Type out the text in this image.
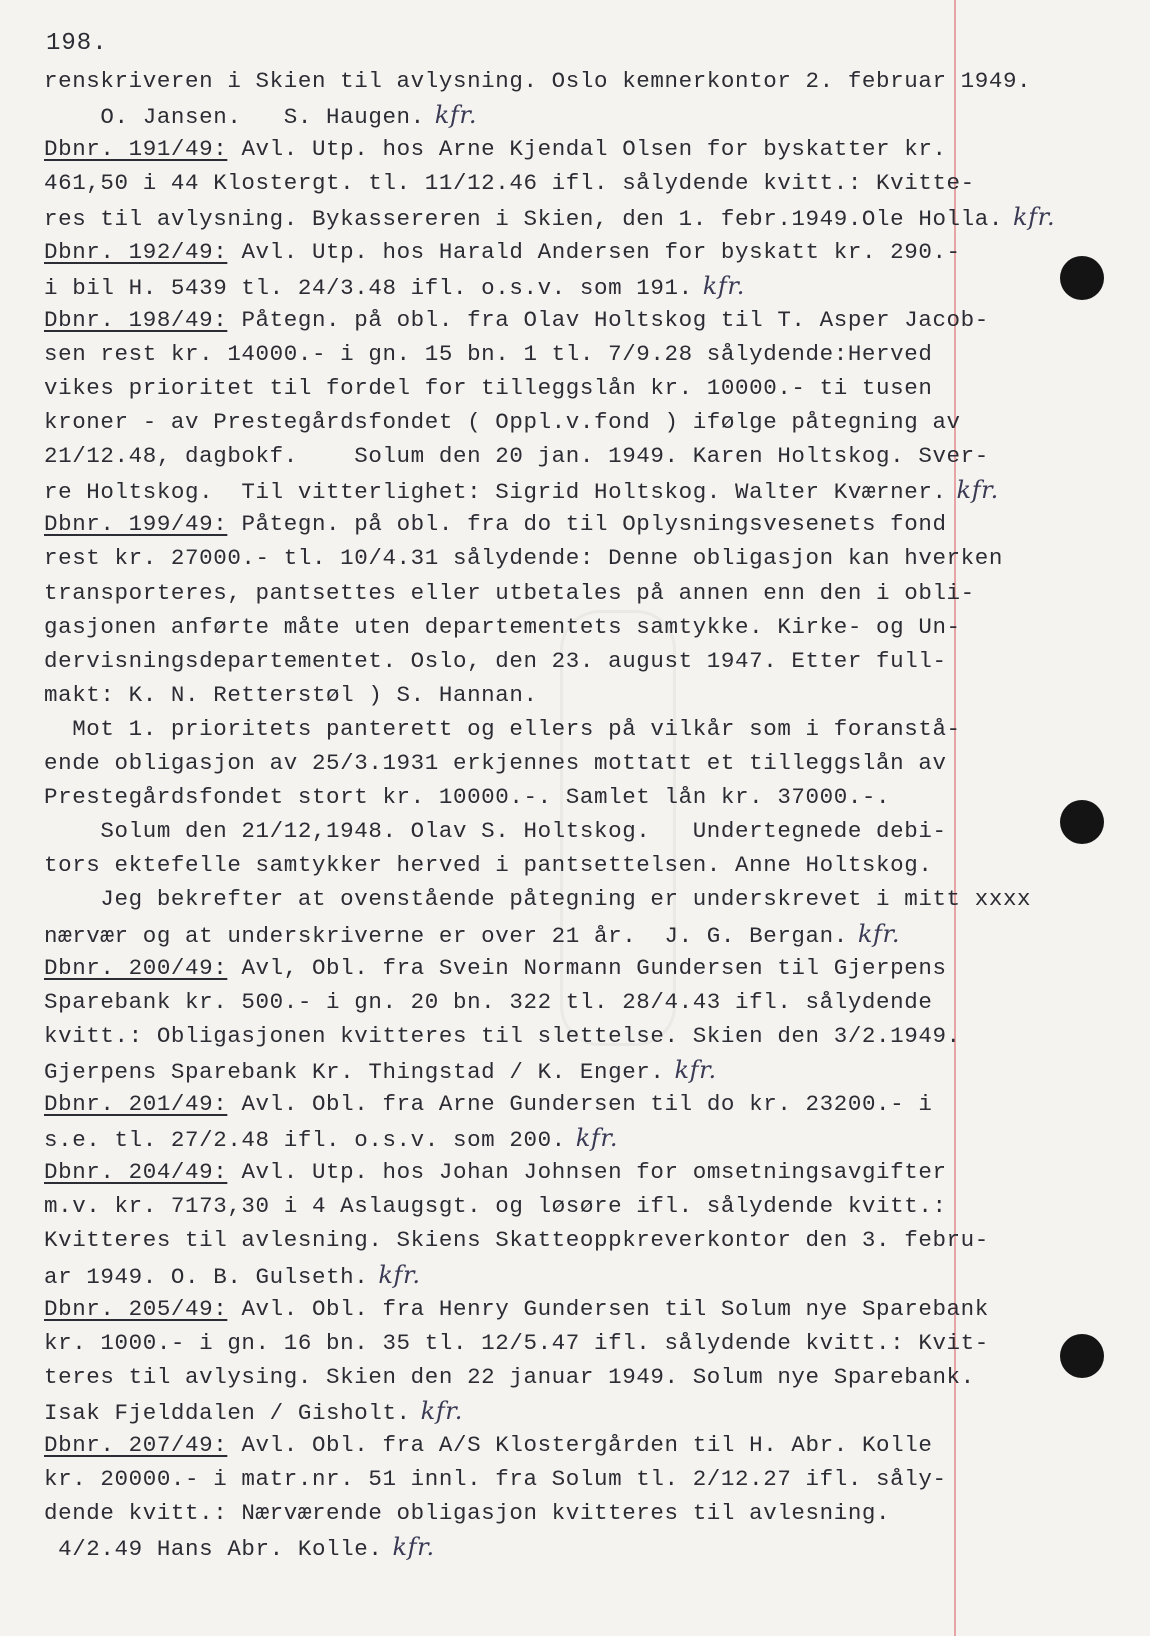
198.
renskriveren i Skien til avlysning. Oslo kemnerkontor 2. februar 1949.
O. Jansen.   S. Haugen. kfr.
Dbnr. 191/49: Avl. Utp. hos Arne Kjendal Olsen for byskatter kr.
461,50 i 44 Klostergt. tl. 11/12.46 ifl. sålydende kvitt.: Kvitte-
res til avlysning. Bykassereren i Skien, den 1. febr.1949.Ole Holla. kfr.
Dbnr. 192/49: Avl. Utp. hos Harald Andersen for byskatt kr. 290.-
i bil H. 5439 tl. 24/3.48 ifl. o.s.v. som 191. kfr.
Dbnr. 198/49: Påtegn. på obl. fra Olav Holtskog til T. Asper Jacob-
sen rest kr. 14000.- i gn. 15 bn. 1 tl. 7/9.28 sålydende:Herved
vikes prioritet til fordel for tilleggslån kr. 10000.- ti tusen
kroner - av Prestegårdsfondet ( Oppl.v.fond ) ifølge påtegning av
21/12.48, dagbokf.    Solum den 20 jan. 1949. Karen Holtskog. Sver-
re Holtskog.  Til vitterlighet: Sigrid Holtskog. Walter Kværner. kfr.
Dbnr. 199/49: Påtegn. på obl. fra do til Oplysningsvesenets fond
rest kr. 27000.- tl. 10/4.31 sålydende: Denne obligasjon kan hverken
transporteres, pantsettes eller utbetales på annen enn den i obli-
gasjonen anførte måte uten departementets samtykke. Kirke- og Un-
dervisningsdepartementet. Oslo, den 23. august 1947. Etter full-
makt: K. N. Retterstøl ) S. Hannan.
Mot 1. prioritets panterett og ellers på vilkår som i foranstå-
ende obligasjon av 25/3.1931 erkjennes mottatt et tilleggslån av
Prestegårdsfondet stort kr. 10000.-. Samlet lån kr. 37000.-.
Solum den 21/12,1948. Olav S. Holtskog.   Undertegnede debi-
tors ektefelle samtykker herved i pantsettelsen. Anne Holtskog.
Jeg bekrefter at ovenstående påtegning er underskrevet i mitt xxxx
nærvær og at underskriverne er over 21 år.  J. G. Bergan. kfr.
Dbnr. 200/49: Avl, Obl. fra Svein Normann Gundersen til Gjerpens
Sparebank kr. 500.- i gn. 20 bn. 322 tl. 28/4.43 ifl. sålydende
kvitt.: Obligasjonen kvitteres til slettelse. Skien den 3/2.1949.
Gjerpens Sparebank Kr. Thingstad / K. Enger. kfr.
Dbnr. 201/49: Avl. Obl. fra Arne Gundersen til do kr. 23200.- i
s.e. tl. 27/2.48 ifl. o.s.v. som 200. kfr.
Dbnr. 204/49: Avl. Utp. hos Johan Johnsen for omsetningsavgifter
m.v. kr. 7173,30 i 4 Aslaugsgt. og løsøre ifl. sålydende kvitt.:
Kvitteres til avlesning. Skiens Skatteoppkreverkontor den 3. febru-
ar 1949. O. B. Gulseth. kfr.
Dbnr. 205/49: Avl. Obl. fra Henry Gundersen til Solum nye Sparebank
kr. 1000.- i gn. 16 bn. 35 tl. 12/5.47 ifl. sålydende kvitt.: Kvit-
teres til avlysing. Skien den 22 januar 1949. Solum nye Sparebank.
Isak Fjelddalen / Gisholt. kfr.
Dbnr. 207/49: Avl. Obl. fra A/S Klostergården til H. Abr. Kolle
kr. 20000.- i matr.nr. 51 innl. fra Solum tl. 2/12.27 ifl. sålу-
dende kvitt.: Nærværende obligasjon kvitteres til avlesning.
4/2.49 Hans Abr. Kolle. kfr.
